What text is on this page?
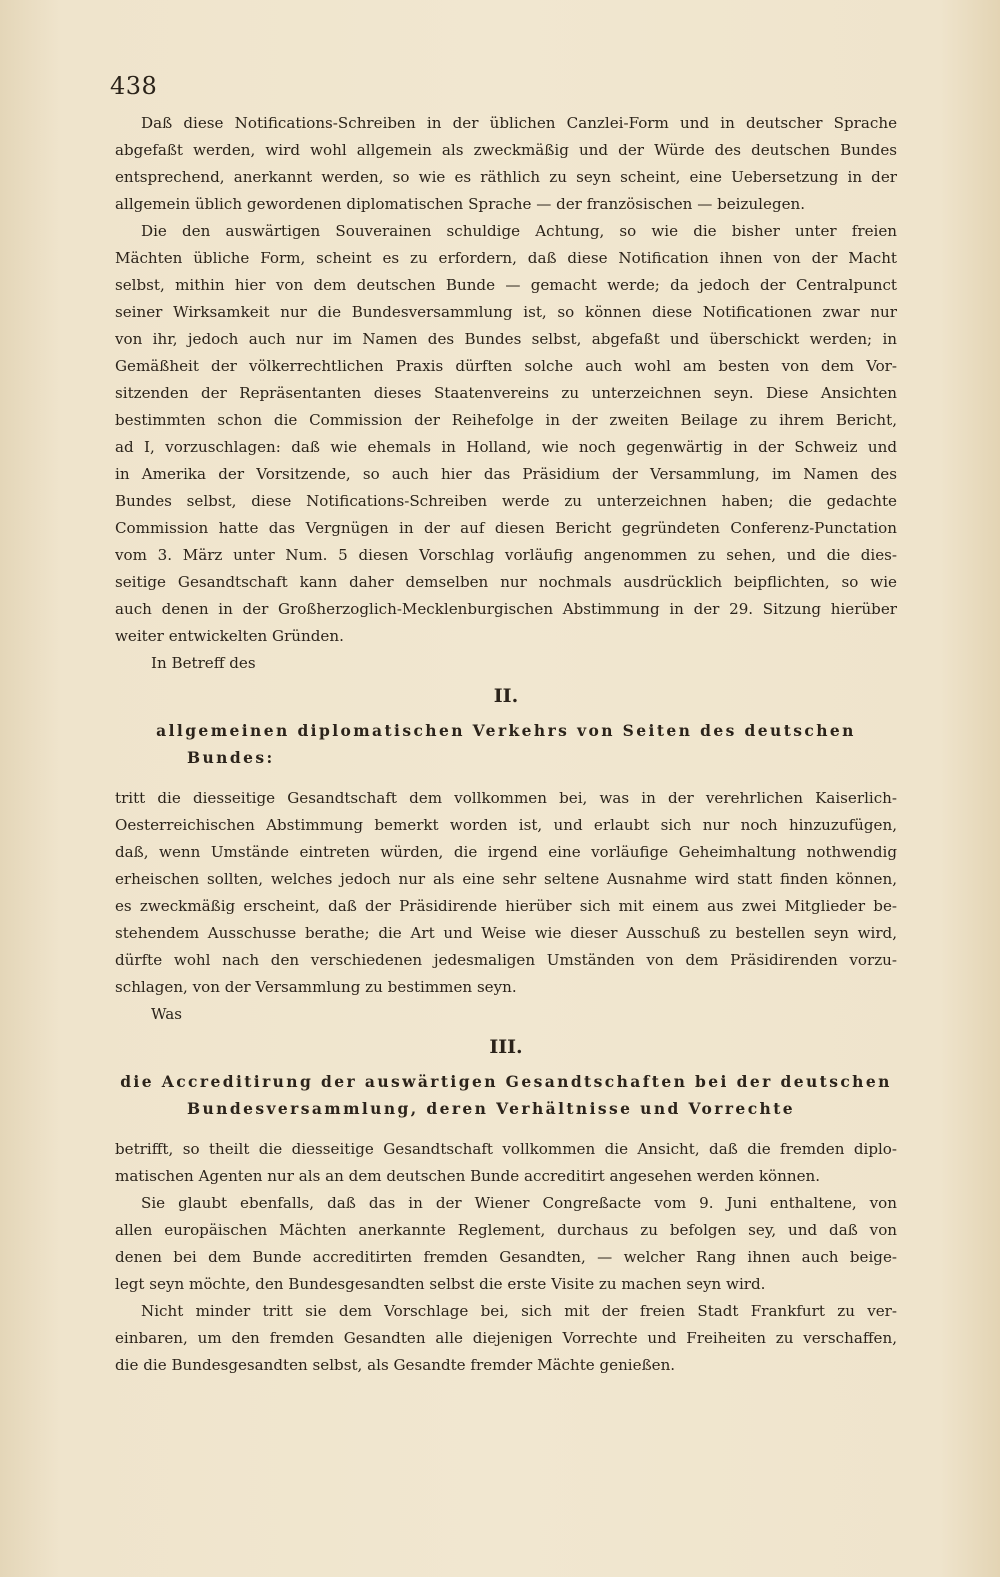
438
Daß diese Notifications-Schreiben in der üblichen Canzlei-Form und in deutscher Sprache
abgefaßt werden, wird wohl allgemein als zweckmäßig und der Würde des deutschen Bundes
entsprechend, anerkannt werden, so wie es räthlich zu seyn scheint, eine Uebersetzung in der
allgemein üblich gewordenen diplomatischen Sprache — der französischen — beizulegen.
Die den auswärtigen Souverainen schuldige Achtung, so wie die bisher unter freien
Mächten übliche Form, scheint es zu erfordern, daß diese Notification ihnen von der Macht
selbst, mithin hier von dem deutschen Bunde — gemacht werde; da jedoch der Centralpunct
seiner Wirksamkeit nur die Bundesversammlung ist, so können diese Notificationen zwar nur
von ihr, jedoch auch nur im Namen des Bundes selbst, abgefaßt und überschickt werden; in
Gemäßheit der völkerrechtlichen Praxis dürften solche auch wohl am besten von dem Vor-
sitzenden der Repräsentanten dieses Staatenvereins zu unterzeichnen seyn. Diese Ansichten
bestimmten schon die Commission der Reihefolge in der zweiten Beilage zu ihrem Bericht,
ad I, vorzuschlagen: daß wie ehemals in Holland, wie noch gegenwärtig in der Schweiz und
in Amerika der Vorsitzende, so auch hier das Präsidium der Versammlung, im Namen des
Bundes selbst, diese Notifications-Schreiben werde zu unterzeichnen haben; die gedachte
Commission hatte das Vergnügen in der auf diesen Bericht gegründeten Conferenz-Punctation
vom 3. März unter Num. 5 diesen Vorschlag vorläufig angenommen zu sehen, und die dies-
seitige Gesandtschaft kann daher demselben nur nochmals ausdrücklich beipflichten, so wie
auch denen in der Großherzoglich-Mecklenburgischen Abstimmung in der 29. Sitzung hierüber
weiter entwickelten Gründen.
In Betreff des
II.
allgemeinen diplomatischen Verkehrs von Seiten des deutschen
Bundes:
tritt die diesseitige Gesandtschaft dem vollkommen bei, was in der verehrlichen Kaiserlich-
Oesterreichischen Abstimmung bemerkt worden ist, und erlaubt sich nur noch hinzuzufügen,
daß, wenn Umstände eintreten würden, die irgend eine vorläufige Geheimhaltung nothwendig
erheischen sollten, welches jedoch nur als eine sehr seltene Ausnahme wird statt finden können,
es zweckmäßig erscheint, daß der Präsidirende hierüber sich mit einem aus zwei Mitglieder be-
stehendem Ausschusse berathe; die Art und Weise wie dieser Ausschuß zu bestellen seyn wird,
dürfte wohl nach den verschiedenen jedesmaligen Umständen von dem Präsidirenden vorzu-
schlagen, von der Versammlung zu bestimmen seyn.
Was
III.
die Accreditirung der auswärtigen Gesandtschaften bei der deutschen
Bundesversammlung, deren Verhältnisse und Vorrechte
betrifft, so theilt die diesseitige Gesandtschaft vollkommen die Ansicht, daß die fremden diplo-
matischen Agenten nur als an dem deutschen Bunde accreditirt angesehen werden können.
Sie glaubt ebenfalls, daß das in der Wiener Congreßacte vom 9. Juni enthaltene, von
allen europäischen Mächten anerkannte Reglement, durchaus zu befolgen sey, und daß von
denen bei dem Bunde accreditirten fremden Gesandten, — welcher Rang ihnen auch beige-
legt seyn möchte, den Bundesgesandten selbst die erste Visite zu machen seyn wird.
Nicht minder tritt sie dem Vorschlage bei, sich mit der freien Stadt Frankfurt zu ver-
einbaren, um den fremden Gesandten alle diejenigen Vorrechte und Freiheiten zu verschaffen,
die die Bundesgesandten selbst, als Gesandte fremder Mächte genießen.
